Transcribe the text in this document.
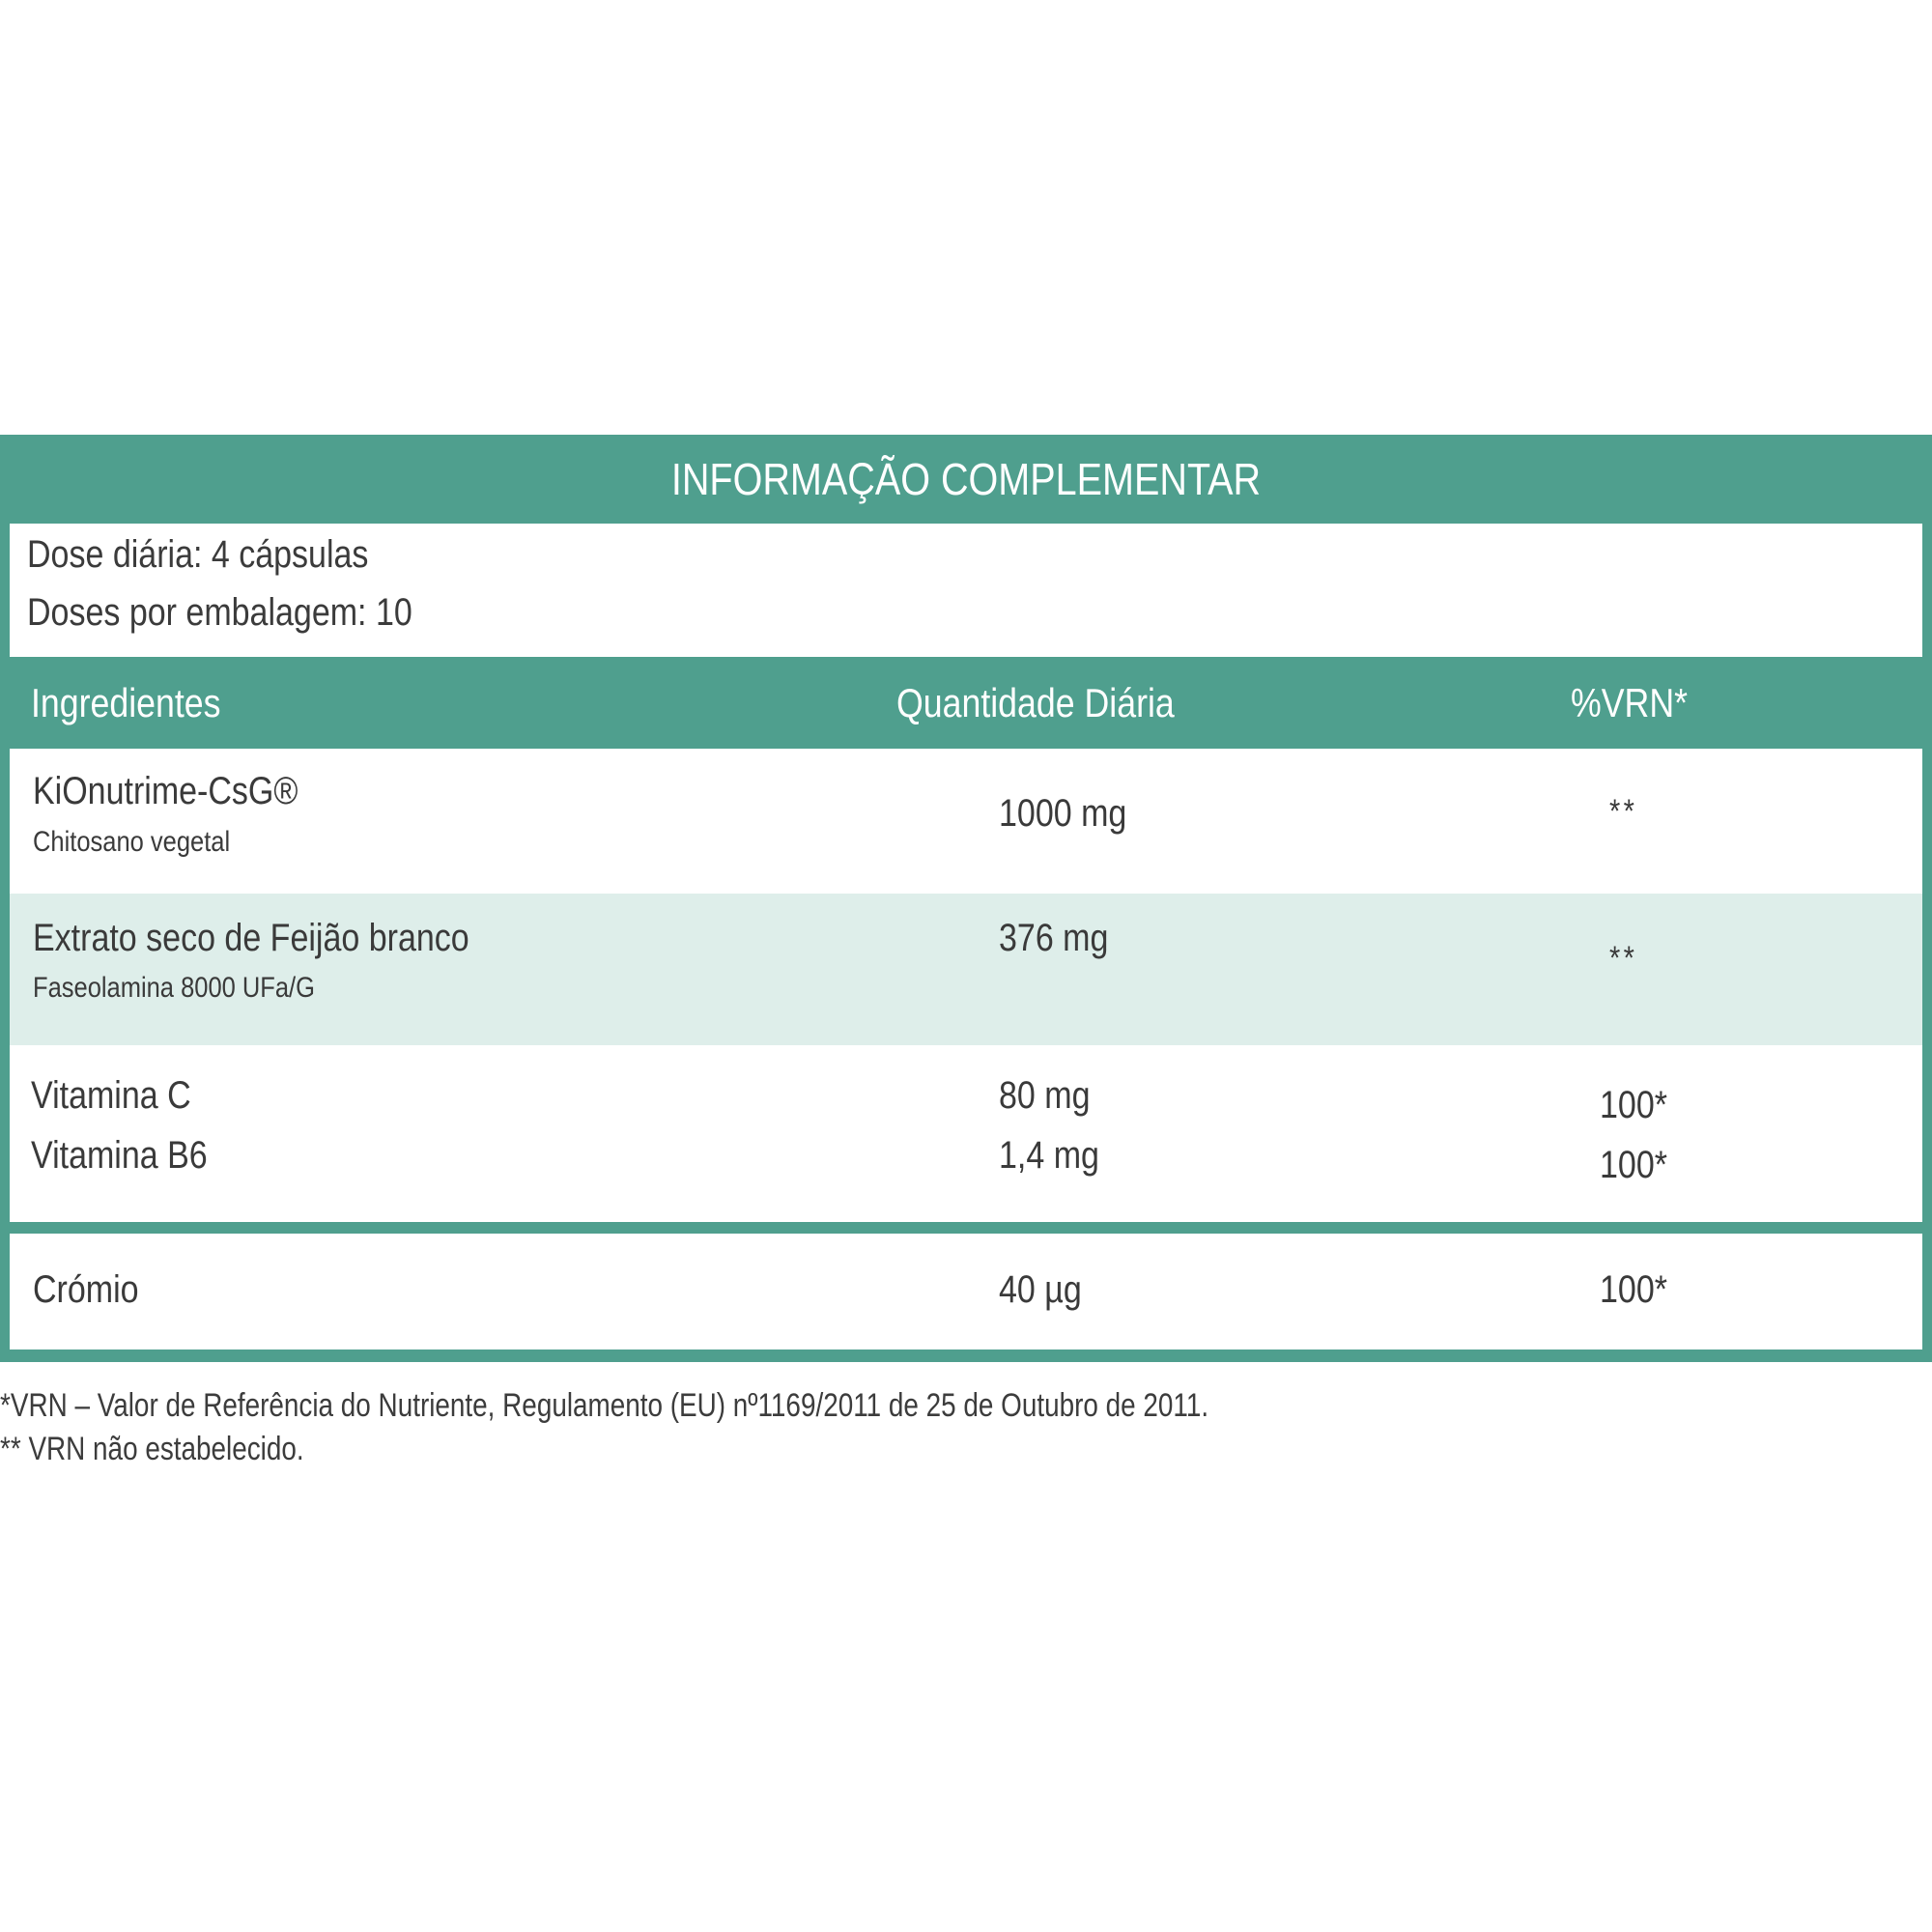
INFORMAÇÃO COMPLEMENTAR
Dose diária: 4 cápsulas
Doses por embalagem: 10
Ingredientes	Quantidade Diária	%VRN*
KiOnutrime-CsG®
Chitosano vegetal
1000 mg	**
Extrato seco de Feijão branco
Faseolamina 8000 UFa/G
376 mg	**
Vitamina C	80 mg	100*
Vitamina B6	1,4 mg	100*
Crómio	40 µg	100*
*VRN – Valor de Referência do Nutriente, Regulamento (EU) nº1169/2011 de 25 de Outubro de 2011.
** VRN não estabelecido.
